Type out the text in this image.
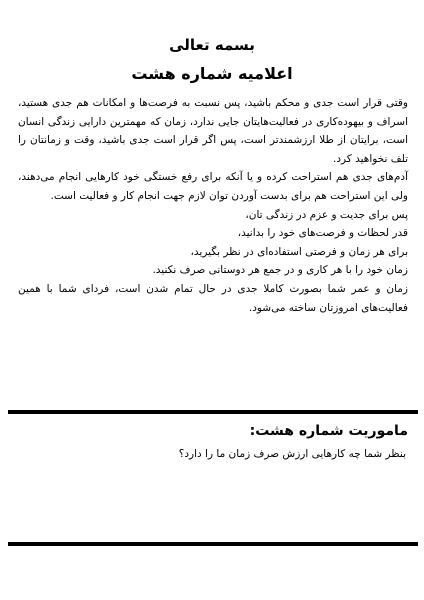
بسمه تعالی
اعلامیه شماره هشت

وقتی قرار است جدی و محکم باشید، پس نسبت به فرصت‌ها و امکانات هم جدی هستید، اسراف و بیهوده‌کاری در فعالیت‌هایتان جایی ندارد، زمان که مهمترین دارایی زندگی انسان است، برایتان از طلا ارزشمندتر است، پس اگر قرار است جدی باشید، وقت و زمانتان را تلف نخواهید کرد.

آدم‌های جدی هم استراحت کرده و یا آنکه برای رفع خستگی خود کارهایی انجام می‌دهند، ولی این استراحت هم برای بدست آوردن توان لازم جهت انجام کار و فعالیت است.

پس برای جدیت و عزم در زندگی تان،

قدر لحظات و فرصت‌های خود را بدانید،

برای هر زمان و فرصتی استفاده‌ای در نظر بگیرید،

زمان خود را با هر کاری و در جمع هر دوستانی صرف نکنید.

زمان و عمر شما بصورت کاملا جدی در حال تمام شدن است، فردای شما با همین فعالیت‌های امروزتان ساخته می‌شود.

ماموریت شماره هشت:

بنظر شما چه کارهایی ارزش صرف زمان ما را دارد؟
